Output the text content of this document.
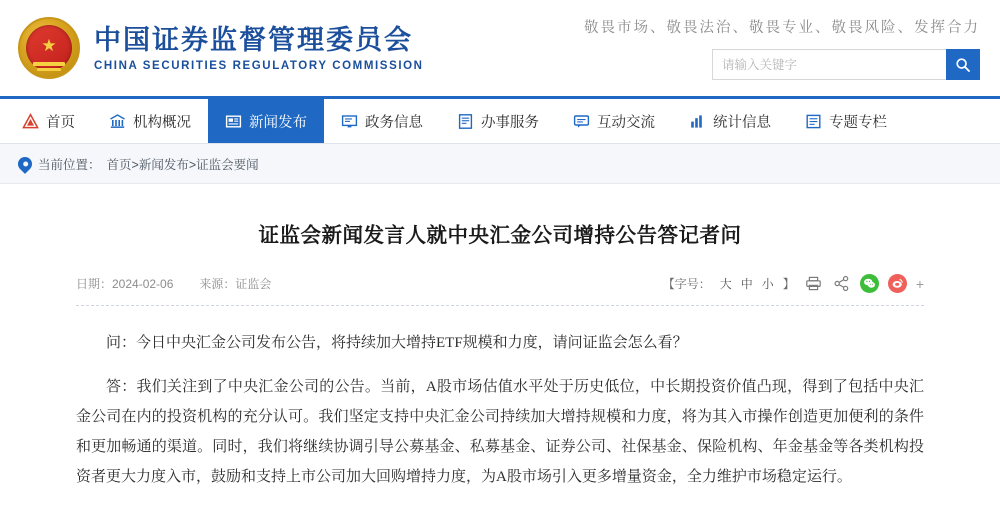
★ 中国证券监督管理委员会
CHINA SECURITIES REGULATORY COMMISSION
敬畏市场、敬畏法治、敬畏专业、敬畏风险、发挥合力
请输入关键字
首页	机构概况	新闻发布	政务信息	办事服务	互动交流	统计信息	专题专栏
当前位置： 首页>新闻发布>证监会要闻
证监会新闻发言人就中央汇金公司增持公告答记者问
日期：2024-02-06 来源：证监会	【字号： 大 中 小 】	+

问：今日中央汇金公司发布公告，将持续加大增持ETF规模和力度，请问证监会怎么看？

答：我们关注到了中央汇金公司的公告。当前，A股市场估值水平处于历史低位，中长期投资价值凸现，得到了包括中央汇金公司在内的投资机构的充分认可。我们坚定支持中央汇金公司持续加大增持规模和力度，将为其入市操作创造更加便利的条件和更加畅通的渠道。同时，我们将继续协调引导公募基金、私募基金、证券公司、社保基金、保险机构、年金基金等各类机构投资者更大力度入市，鼓励和支持上市公司加大回购增持力度，为A股市场引入更多增量资金，全力维护市场稳定运行。
